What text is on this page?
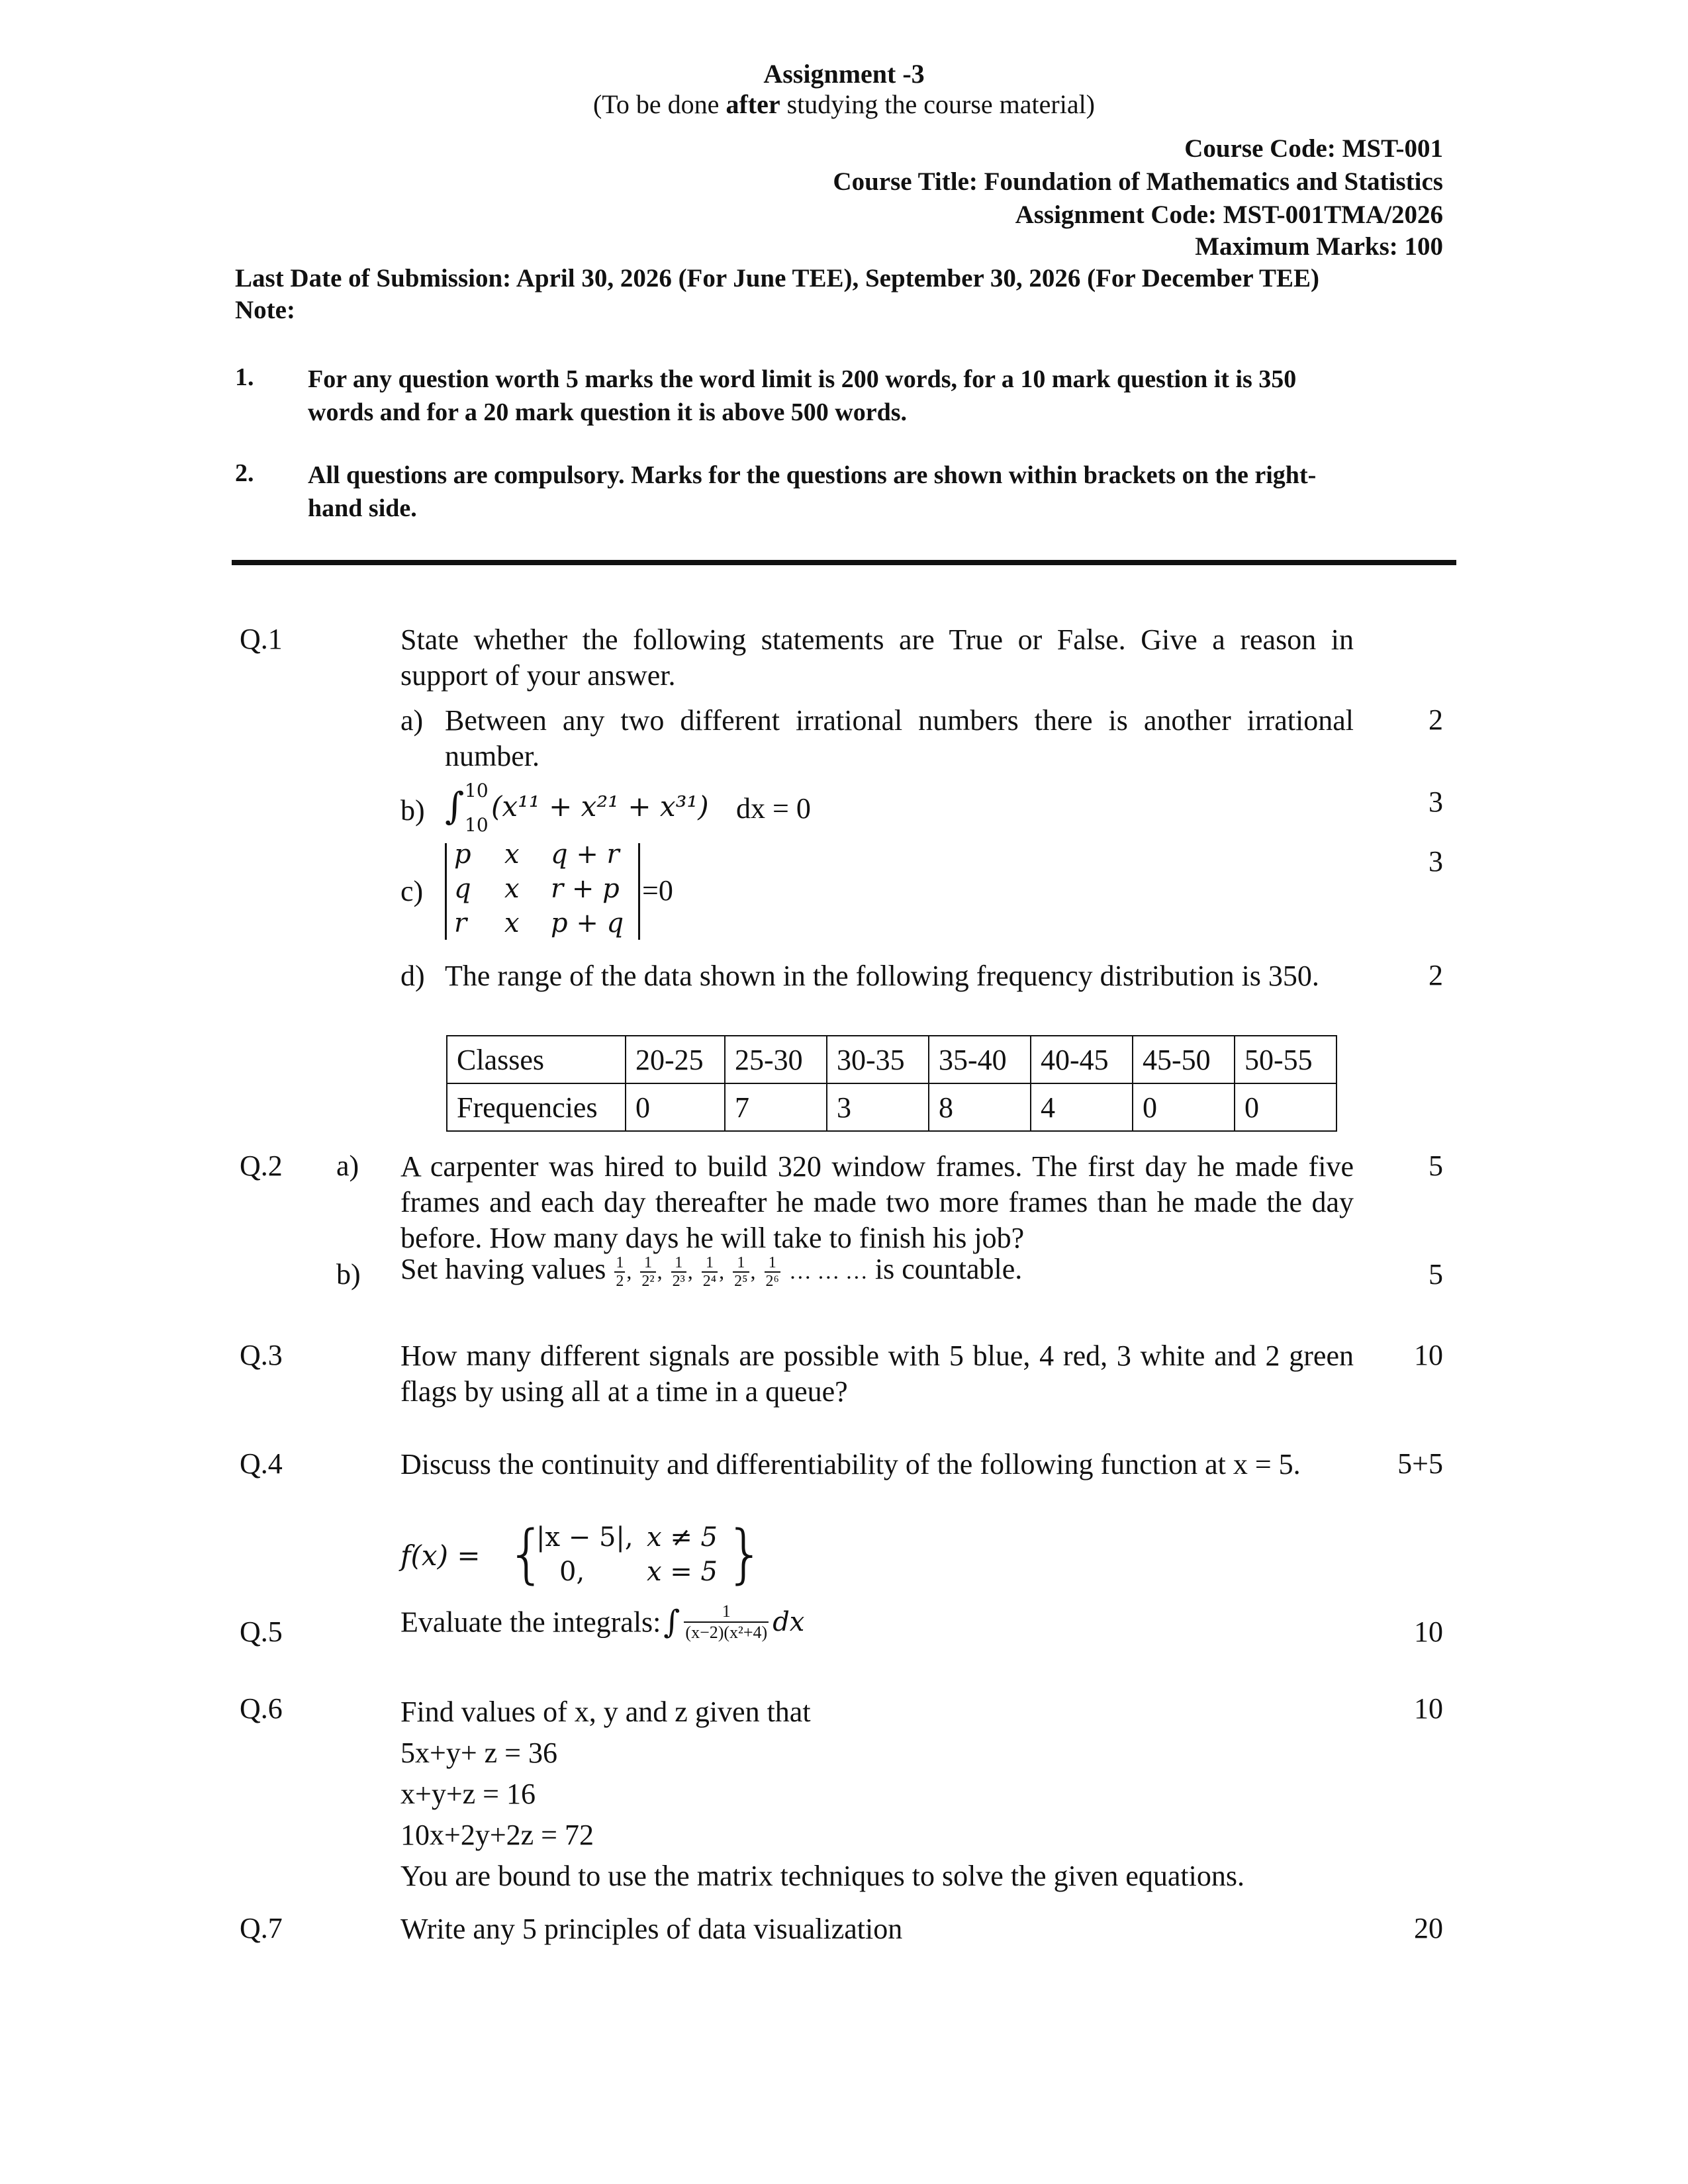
Assignment -3
(To be done after studying the course material)
Course Code: MST-001
Course Title: Foundation of Mathematics and Statistics
Assignment Code: MST-001TMA/2026
Maximum Marks: 100
Last Date of Submission: April 30, 2026 (For June TEE), September 30, 2026 (For December TEE)
Note:
1. For any question worth 5 marks the word limit is 200 words, for a 10 mark question it is 350
words and for a 20 mark question it is above 500 words.
2. All questions are compulsory. Marks for the questions are shown within brackets on the right-
hand side.
Q.1	State whether the following statements are True or False. Give a reason in support of your answer.
a) Between any two different irrational numbers there is another irrational number.
2
b) ∫ 10
10
(x¹¹ + x²¹ + x³¹) dx = 0	3
c)
p x q + r
q x r + p
r x p + q
=0
3
d) The range of the data shown in the following frequency distribution is 350.	2
Classes	20-25	25-30	30-35	35-40	40-45	45-50	50-55
Frequencies	0	7	3	8	4	0	0
Q.2 a) A carpenter was hired to build 320 window frames. The first day he made five frames and each day thereafter he made two more frames than he made the day before. How many days he will take to finish his job?
5
b) Set having values $\frac{1}{2}$ , $\frac{1}{\text{2²}}$ , $\frac{1}{\text{2³}}$ , $\frac{1}{\text{2⁴}}$ , $\frac{1}{\text{2⁵}}$ , $\frac{1}{\text{2⁶}}$ … … … is countable.	5
Q.3	How many different signals are possible with 5 blue, 4 red, 3 white and 2 green flags by using all at a time in a queue?
10
Q.4	Discuss the continuity and differentiability of the following function at x = 5.	5+5
f(x) = {
|x − 5|, x ≠ 5
0, x = 5 }
Q.5	Evaluate the integrals: ∫ $\frac{1}{\text{(x−2)(x²+4)}}$ dx	10
Q.6	Find values of x, y and z given that
5x+y+ z = 36
x+y+z = 16
10x+2y+2z = 72
You are bound to use the matrix techniques to solve the given equations.
10
Q.7	Write any 5 principles of data visualization	20
